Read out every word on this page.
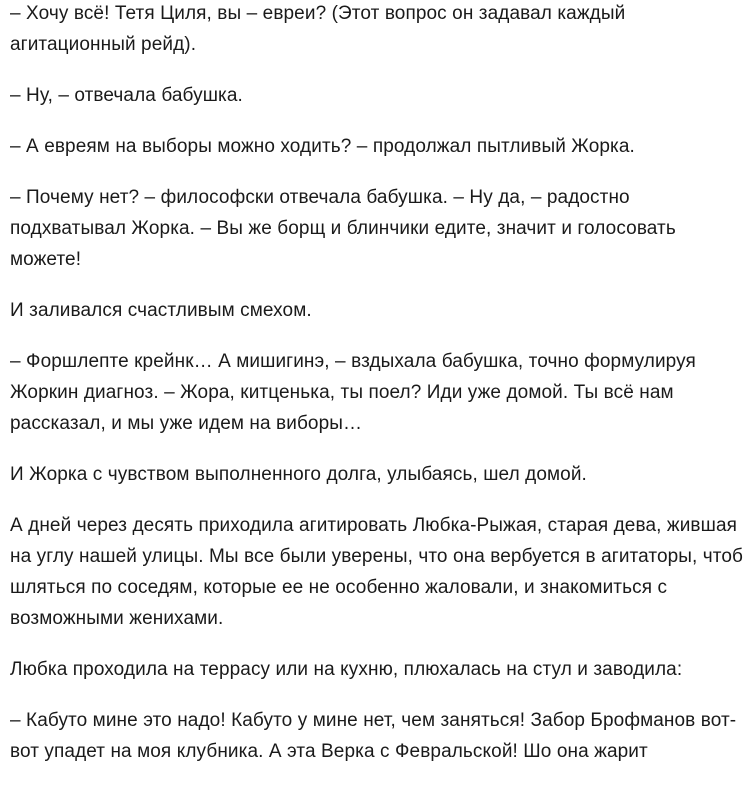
– Хочу всё! Тетя Циля, вы – евреи? (Этот вопрос он задавал каждый агитационный рейд).

– Ну, – отвечала бабушка.

– А евреям на выборы можно ходить? – продолжал пытливый Жорка.

– Почему нет? – философски отвечала бабушка. – Ну да, – радостно подхватывал Жорка. – Вы же борщ и блинчики едите, значит и голосовать можете!

И заливался счастливым смехом.

– Форшлепте крейнк… А мишигинэ, – вздыхала бабушка, точно формулируя Жоркин диагноз. – Жора, китценька, ты поел? Иди уже домой. Ты всё нам рассказал, и мы уже идем на виборы…

И Жорка с чувством выполненного долга, улыбаясь, шел домой.

А дней через десять приходила агитировать Любка-Рыжая, старая дева, жившая на углу нашей улицы. Мы все были уверены, что она вербуется в агитаторы, чтоб шляться по соседям, которые ее не особенно жаловали, и знакомиться с возможными женихами.

Любка проходила на террасу или на кухню, плюхалась на стул и заводила:

– Кабуто мине это надо! Кабуто у мине нет, чем заняться! Забор Брофманов вот-вот упадет на моя клубника. А эта Верка с Февральской! Шо она жарит
